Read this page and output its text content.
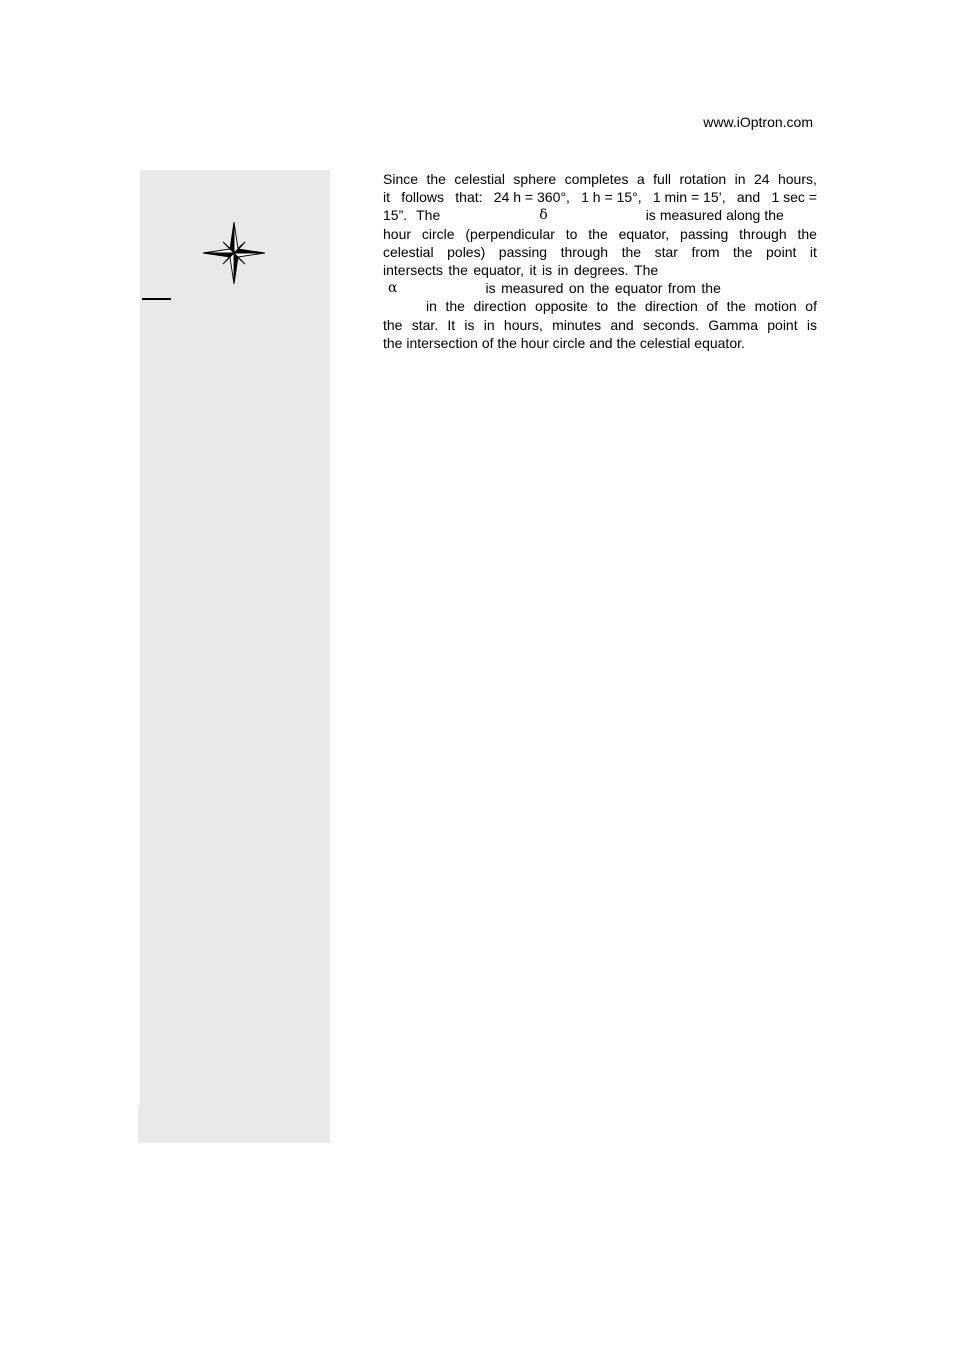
www.iOptron.com
Since the celestial sphere completes a full rotation in 24 hours,
it follows that: 24 h = 360°, 1 h = 15°, 1 min = 15’, and 1 sec =
15”. The	δ	is measured along the
hour circle (perpendicular to the equator, passing through the
celestial poles) passing through the star from the point it
intersects the equator, it is in degrees. The
α	is measured on the equator from the
in the direction opposite to the direction of the motion of
the star. It is in hours, minutes and seconds. Gamma point is
the intersection of the hour circle and the celestial equator.
